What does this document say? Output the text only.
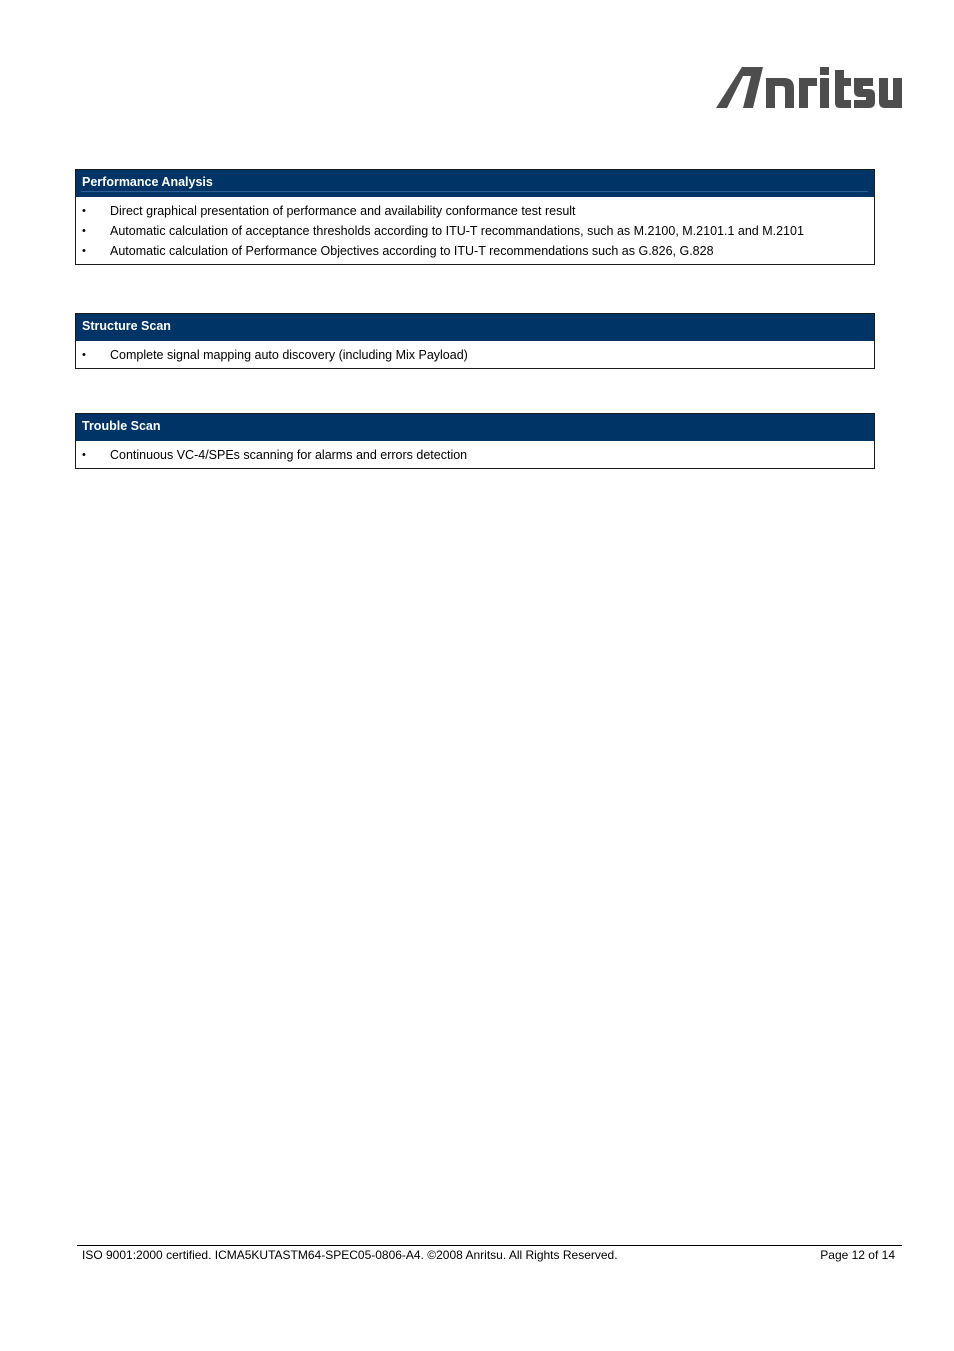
Performance Analysis
•	Direct graphical presentation of performance and availability conformance test result
•	Automatic calculation of acceptance thresholds according to ITU-T recommandations, such as M.2100, M.2101.1 and M.2101
•	Automatic calculation of Performance Objectives according to ITU-T recommendations such as G.826, G.828
Structure Scan
•	Complete signal mapping auto discovery (including Mix Payload)
Trouble Scan
•	Continuous VC-4/SPEs scanning for alarms and errors detection
ISO 9001:2000 certified. ICMA5KUTASTM64-SPEC05-0806-A4. ©2008 Anritsu. All Rights Reserved.	Page 12 of 14
